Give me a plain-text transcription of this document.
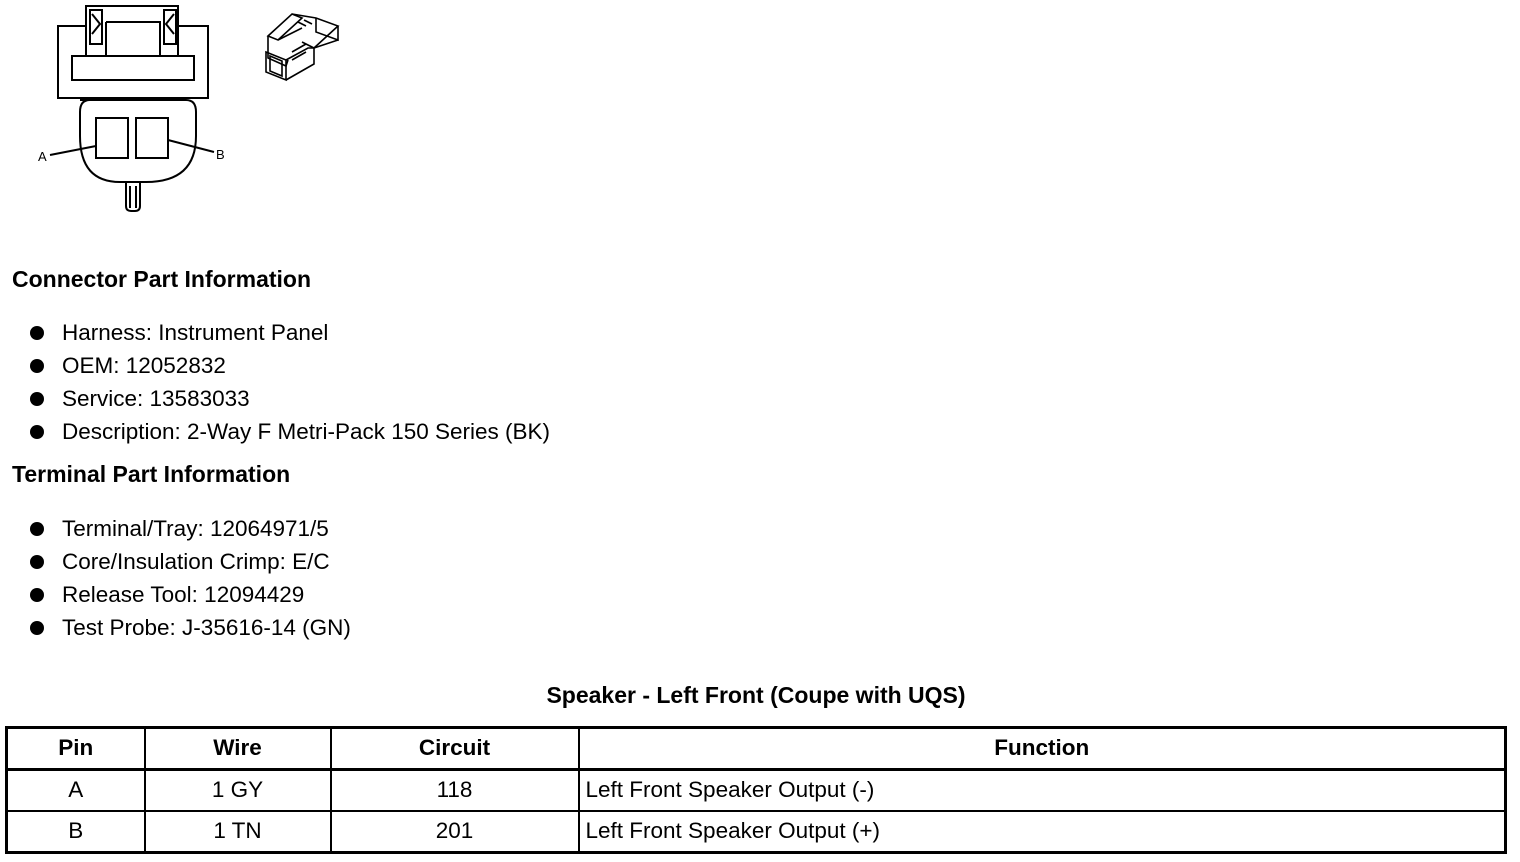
A	B
Connector Part Information
Harness: Instrument Panel
OEM: 12052832
Service: 13583033
Description: 2-Way F Metri-Pack 150 Series (BK)
Terminal Part Information
Terminal/Tray: 12064971/5
Core/Insulation Crimp: E/C
Release Tool: 12094429
Test Probe: J-35616-14 (GN)
Speaker - Left Front (Coupe with UQS)
Pin	Wire	Circuit	Function
A	1 GY	118	Left Front Speaker Output (-)
B	1 TN	201	Left Front Speaker Output (+)
